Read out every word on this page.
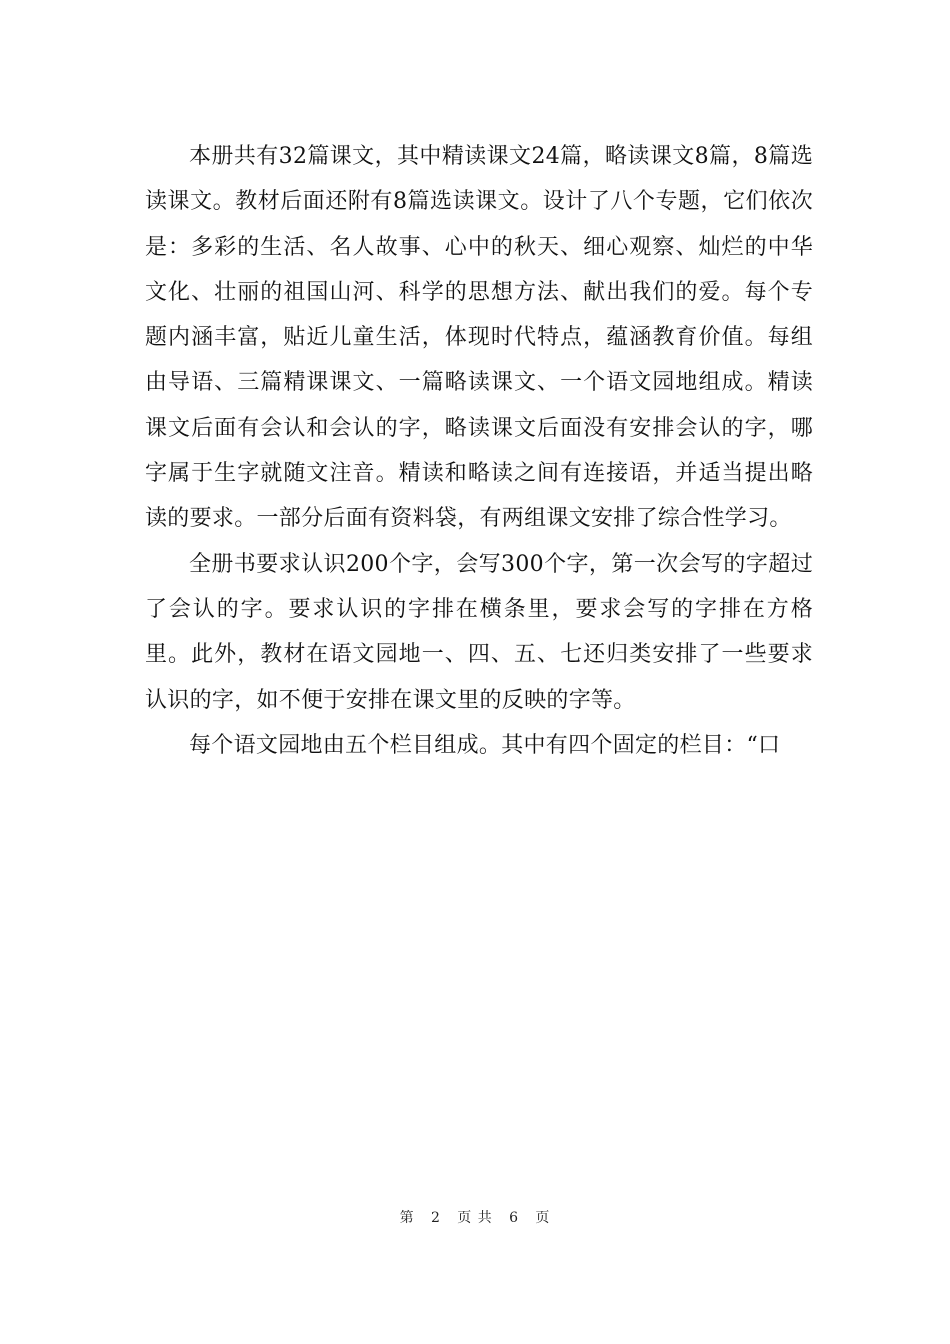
本册共有32篇课文，其中精读课文24篇，略读课文8篇，8篇选读课文。教材后面还附有8篇选读课文。设计了八个专题，它们依次是：多彩的生活、名人故事、心中的秋天、细心观察、灿烂的中华文化、壮丽的祖国山河、科学的思想方法、献出我们的爱。每个专题内涵丰富，贴近儿童生活，体现时代特点，蕴涵教育价值。每组由导语、三篇精课课文、一篇略读课文、一个语文园地组成。精读课文后面有会认和会认的字，略读课文后面没有安排会认的字，哪字属于生字就随文注音。精读和略读之间有连接语，并适当提出略读的要求。一部分后面有资料袋，有两组课文安排了综合性学习。

全册书要求认识200个字，会写300个字，第一次会写的字超过了会认的字。要求认识的字排在横条里，要求会写的字排在方格里。此外，教材在语文园地一、四、五、七还归类安排了一些要求认识的字，如不便于安排在课文里的反映的字等。

每个语文园地由五个栏目组成。其中有四个固定的栏目：“口

第 2 页 共 6 页
